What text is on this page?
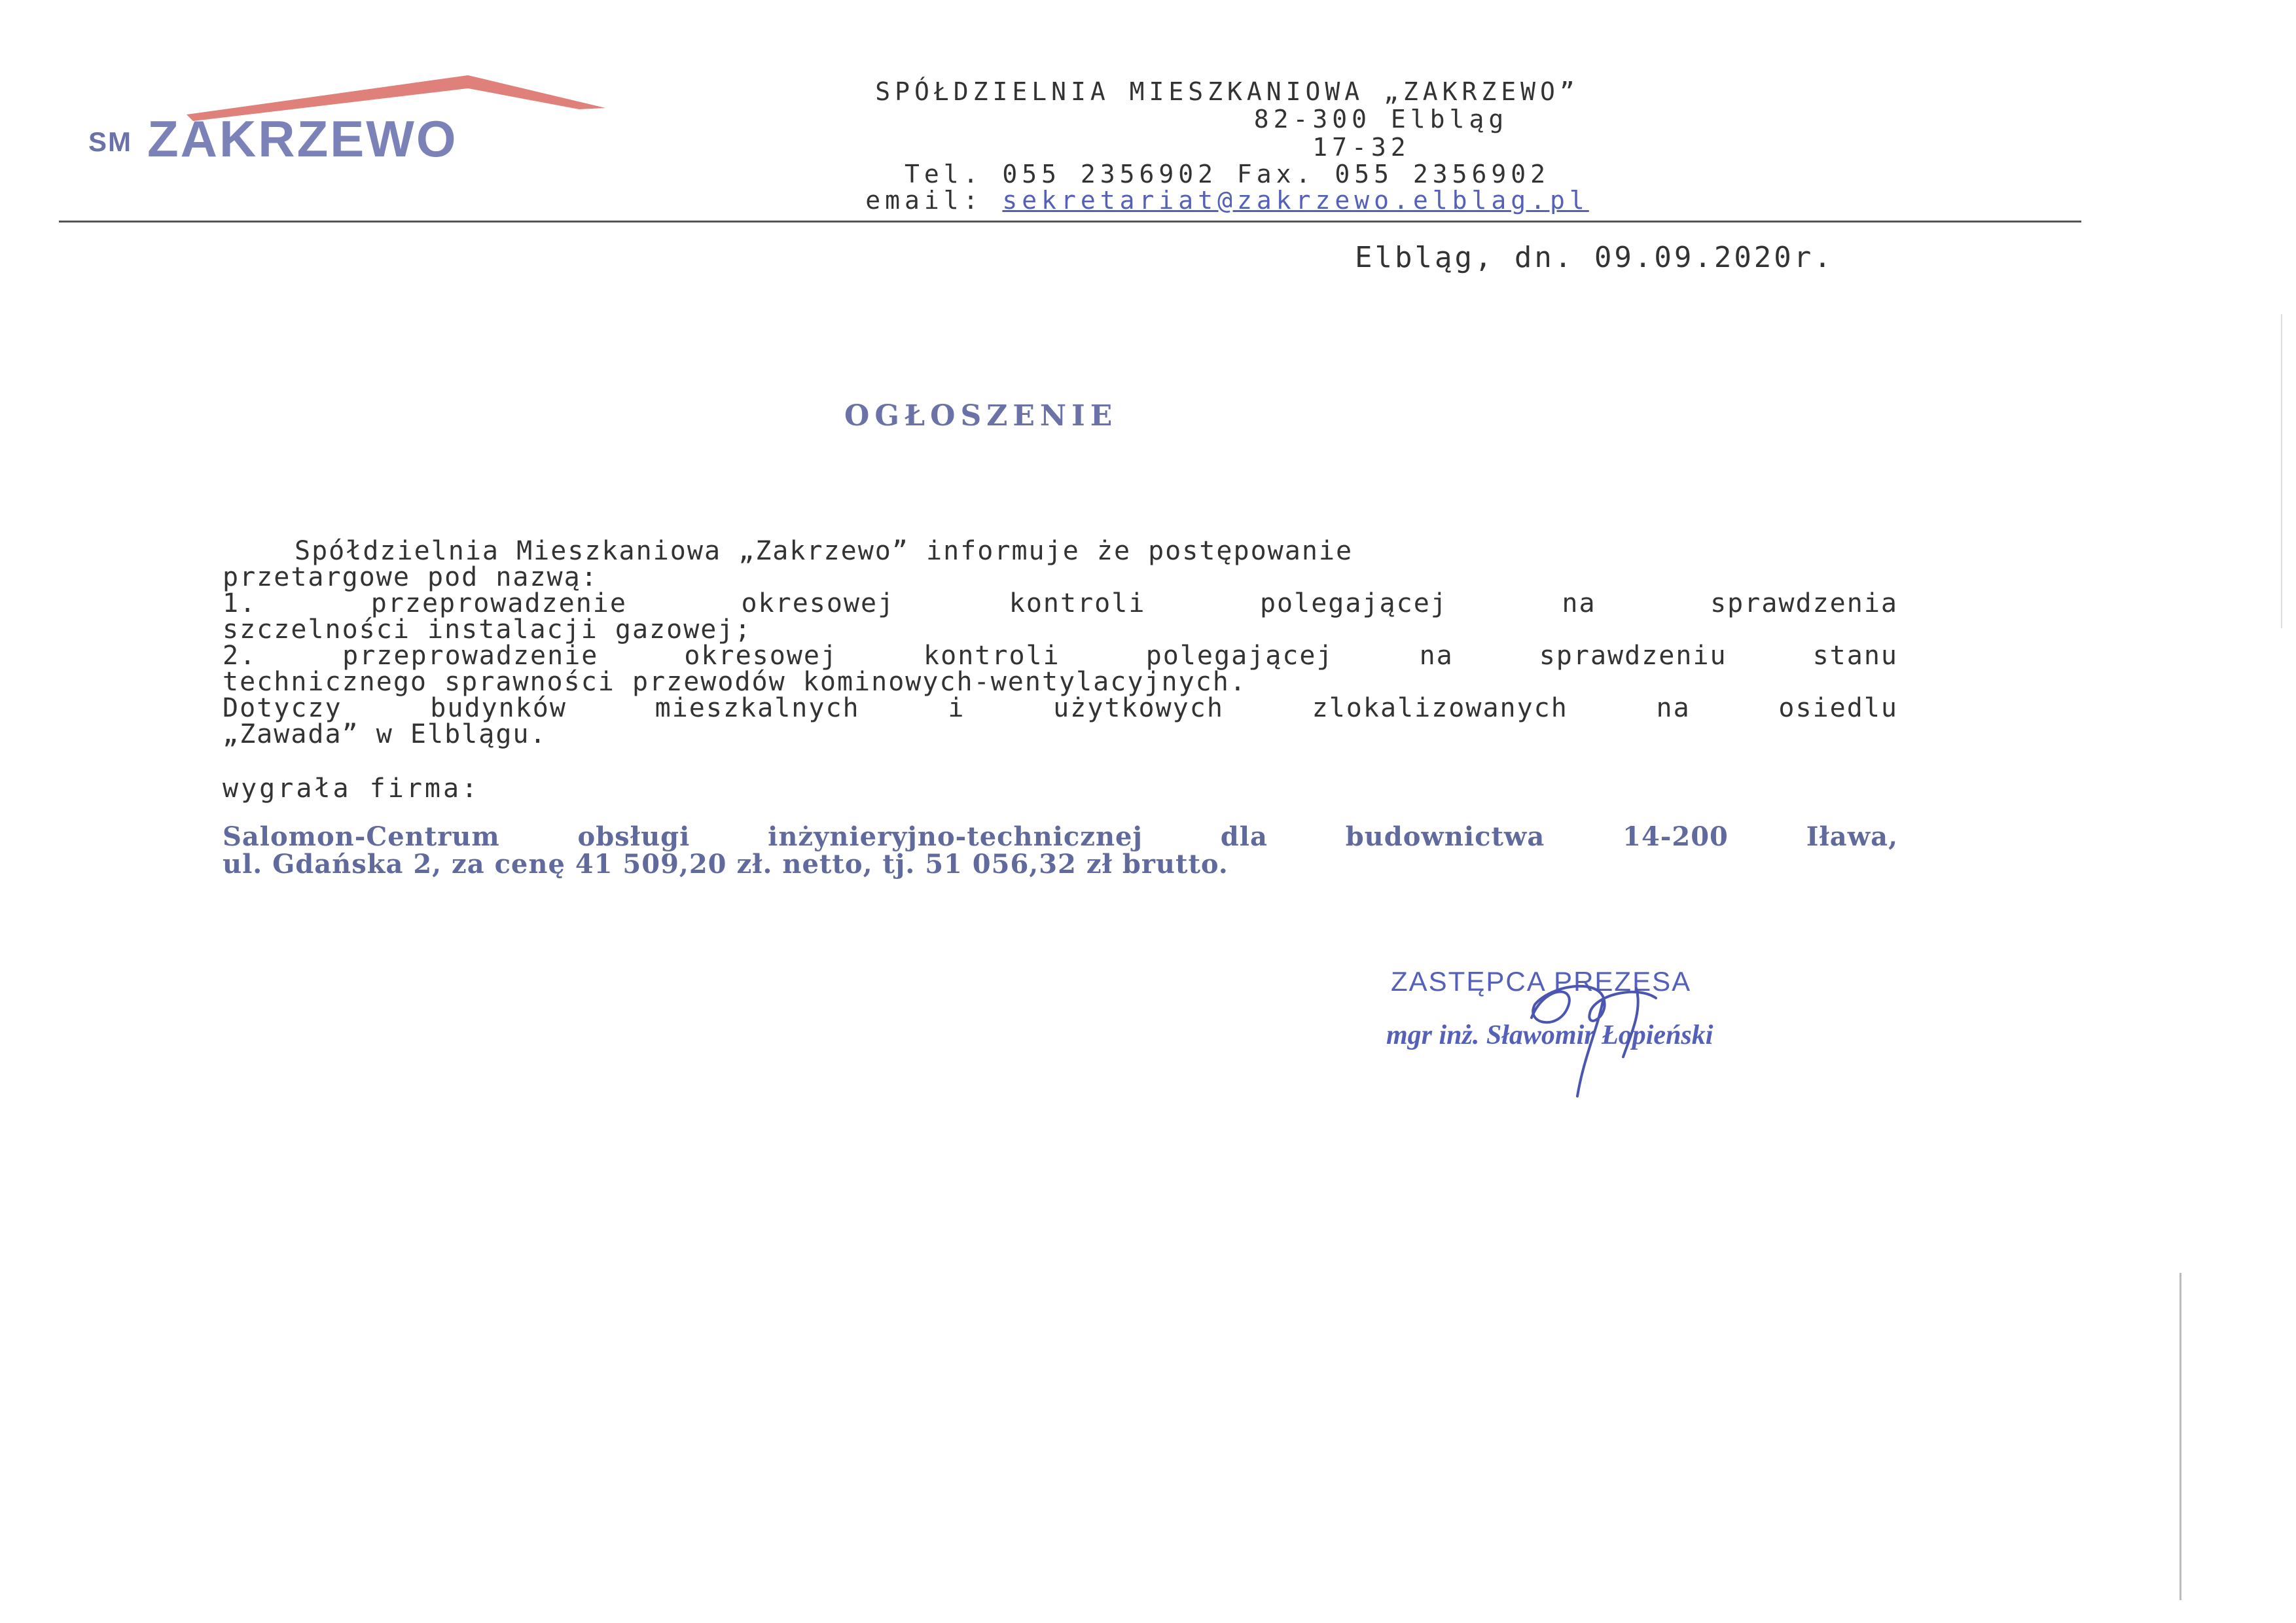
SM ZAKRZEWO
SPÓŁDZIELNIA MIESZKANIOWA „ZAKRZEWO”
82-300 Elbląg
17-32
Tel. 055 2356902 Fax. 055 2356902
email: sekretariat@zakrzewo.elblag.pl
Elbląg, dn. 09.09.2020r.
OGŁOSZENIE
Spółdzielnia Mieszkaniowa „Zakrzewo” informuje że postępowanie
przetargowe pod nazwą:
1. przeprowadzenie okresowej kontroli polegającej na sprawdzenia
szczelności instalacji gazowej;
2. przeprowadzenie okresowej kontroli polegającej na sprawdzeniu stanu
technicznego sprawności przewodów kominowych-wentylacyjnych.
Dotyczy budynków mieszkalnych i użytkowych zlokalizowanych na osiedlu
„Zawada” w Elblągu.
wygrała firma:
Salomon-Centrum obsługi inżynieryjno-technicznej dla budownictwa 14-200 Iława,
ul. Gdańska 2, za cenę 41 509,20 zł. netto, tj. 51 056,32 zł brutto.
ZASTĘPCA PREZESA
mgr inż. Sławomir Łopieński
